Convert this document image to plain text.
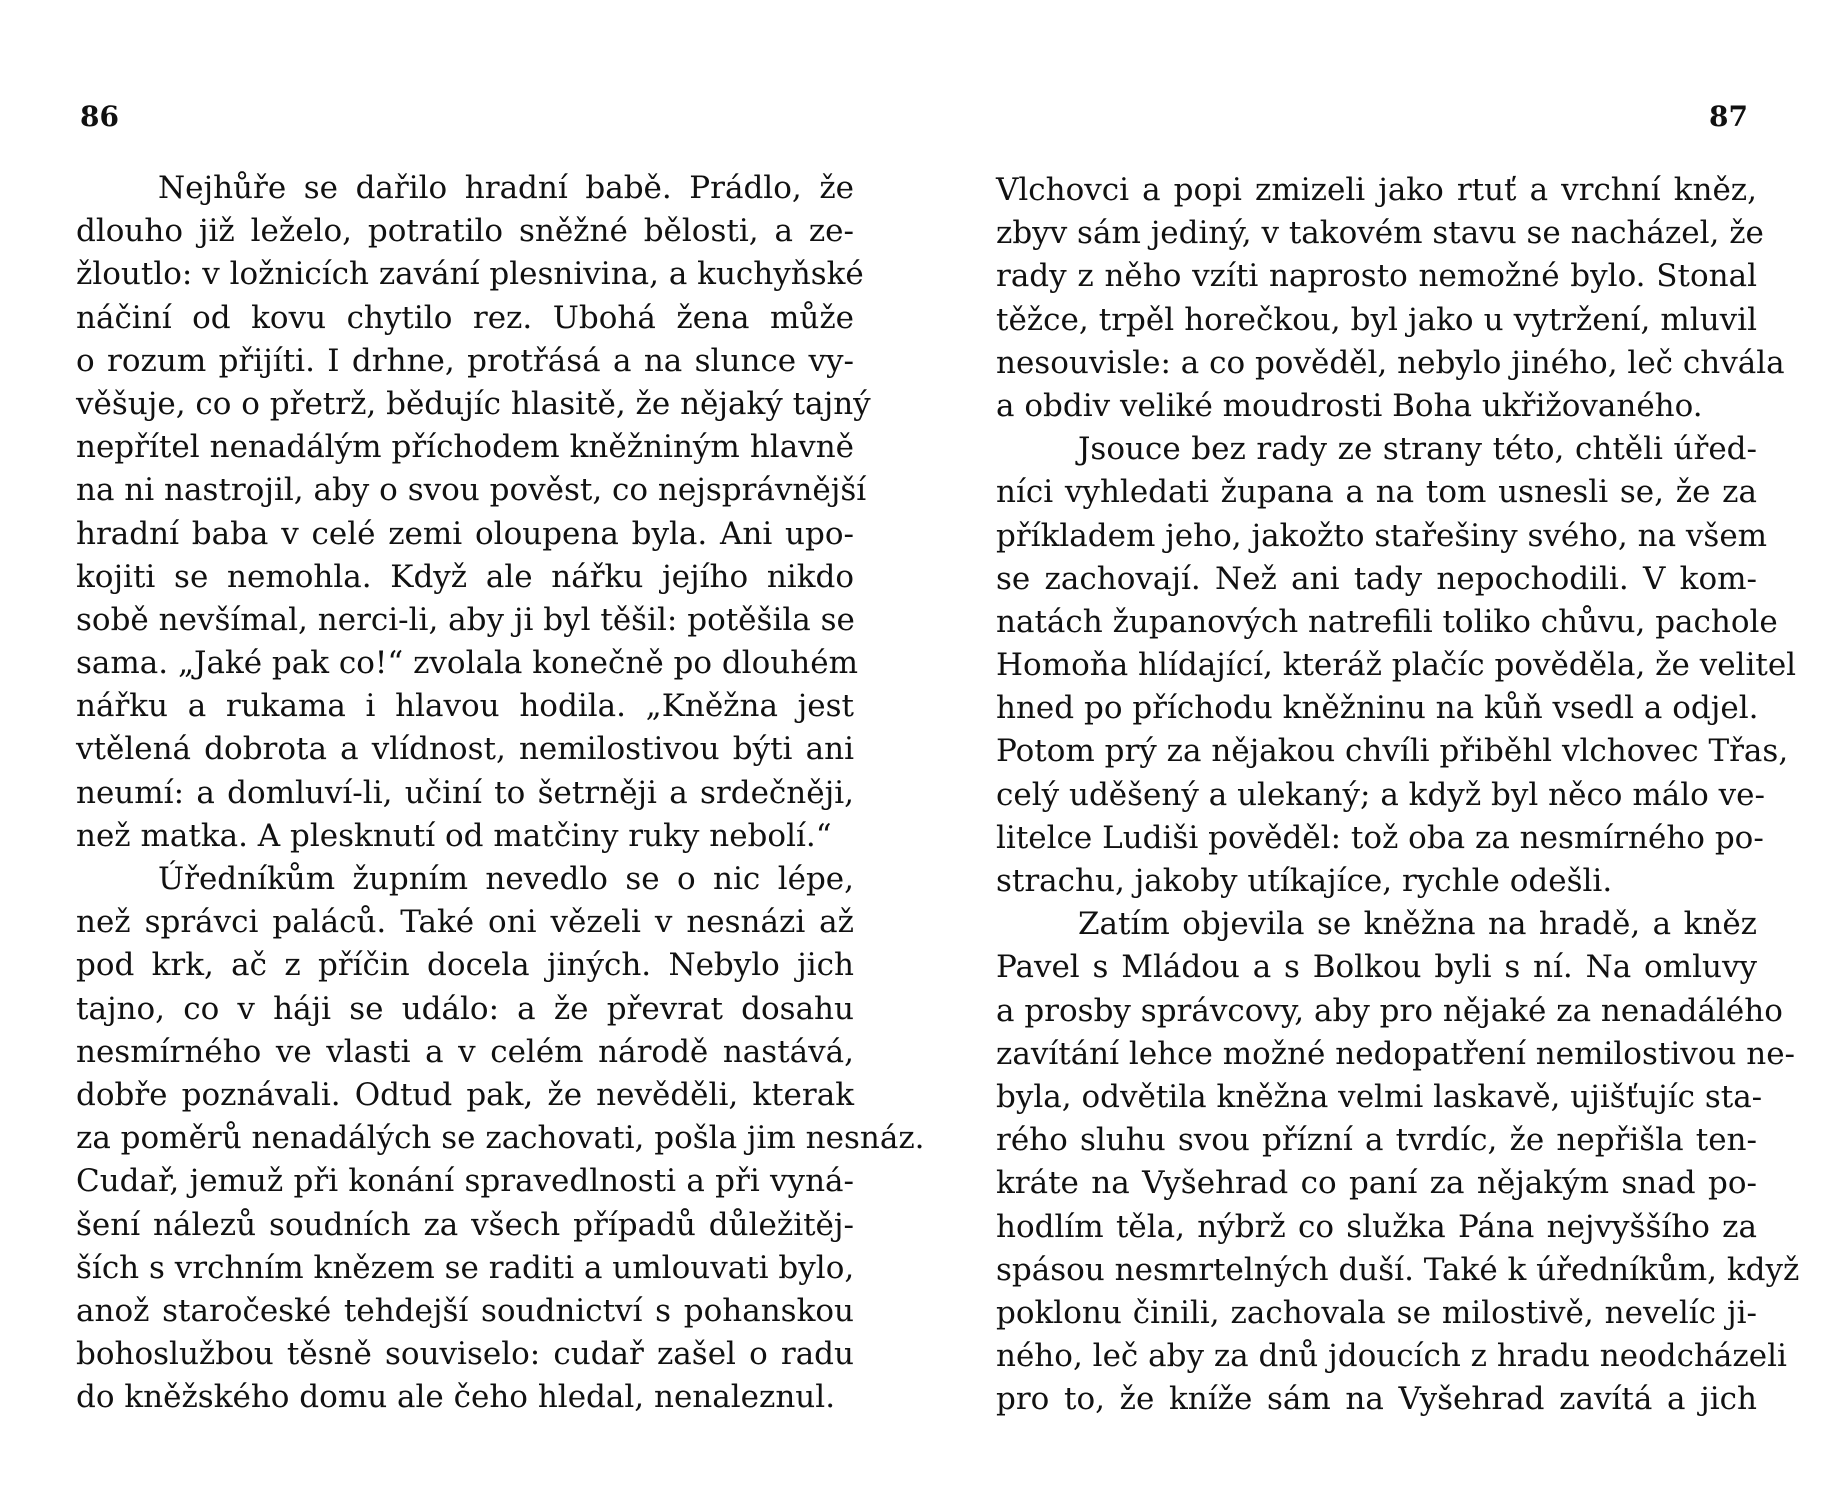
86	87
Nejhůře se dařilo hradní babě. Prádlo, že
dlouho již leželo, potratilo sněžné bělosti, a ze-
žloutlo: v ložnicích zavání plesnivina, a kuchyňské
náčiní od kovu chytilo rez. Ubohá žena může
o rozum přijíti. I drhne, protřásá a na slunce vy-
věšuje, co o přetrž, bědujíc hlasitě, že nějaký tajný
nepřítel nenadálým příchodem kněžniným hlavně
na ni nastrojil, aby o svou pověst, co nejsprávnější
hradní baba v celé zemi oloupena byla. Ani upo-
kojiti se nemohla. Když ale nářku jejího nikdo
sobě nevšímal, nerci-li, aby ji byl těšil: potěšila se
sama. „Jaké pak co!“ zvolala konečně po dlouhém
nářku a rukama i hlavou hodila. „Kněžna jest
vtělená dobrota a vlídnost, nemilostivou býti ani
neumí: a domluví-li, učiní to šetrněji a srdečněji,
než matka. A plesknutí od matčiny ruky nebolí.“
Úředníkům župním nevedlo se o nic lépe,
než správci paláců. Také oni vězeli v nesnázi až
pod krk, ač z příčin docela jiných. Nebylo jich
tajno, co v háji se událo: a že převrat dosahu
nesmírného ve vlasti a v celém národě nastává,
dobře poznávali. Odtud pak, že nevěděli, kterak
za poměrů nenadálých se zachovati, pošla jim nesnáz.
Cudař, jemuž při konání spravedlnosti a při vyná-
šení nálezů soudních za všech případů důležitěj-
ších s vrchním knězem se raditi a umlouvati bylo,
anož staročeské tehdejší soudnictví s pohanskou
bohoslužbou těsně souviselo: cudař zašel o radu
do kněžského domu ale čeho hledal, nenaleznul.
Vlchovci a popi zmizeli jako rtuť a vrchní kněz,
zbyv sám jediný, v takovém stavu se nacházel, že
rady z něho vzíti naprosto nemožné bylo. Stonal
těžce, trpěl horečkou, byl jako u vytržení, mluvil
nesouvisle: a co pověděl, nebylo jiného, leč chvála
a obdiv veliké moudrosti Boha ukřižovaného.
Jsouce bez rady ze strany této, chtěli úřed-
níci vyhledati župana a na tom usnesli se, že za
příkladem jeho, jakožto stařešiny svého, na všem
se zachovají. Než ani tady nepochodili. V kom-
natách županových natrefili toliko chůvu, pachole
Homoňa hlídající, kteráž plačíc pověděla, že velitel
hned po příchodu kněžninu na kůň vsedl a odjel.
Potom prý za nějakou chvíli přiběhl vlchovec Třas,
celý uděšený a ulekaný; a když byl něco málo ve-
litelce Ludiši pověděl: tož oba za nesmírného po-
strachu, jakoby utíkajíce, rychle odešli.
Zatím objevila se kněžna na hradě, a kněz
Pavel s Mládou a s Bolkou byli s ní. Na omluvy
a prosby správcovy, aby pro nějaké za nenadálého
zavítání lehce možné nedopatření nemilostivou ne-
byla, odvětila kněžna velmi laskavě, ujišťujíc sta-
rého sluhu svou přízní a tvrdíc, že nepřišla ten-
kráte na Vyšehrad co paní za nějakým snad po-
hodlím těla, nýbrž co služka Pána nejvyššího za
spásou nesmrtelných duší. Také k úředníkům, když
poklonu činili, zachovala se milostivě, nevelíc ji-
ného, leč aby za dnů jdoucích z hradu neodcházeli
pro to, že kníže sám na Vyšehrad zavítá a jich
